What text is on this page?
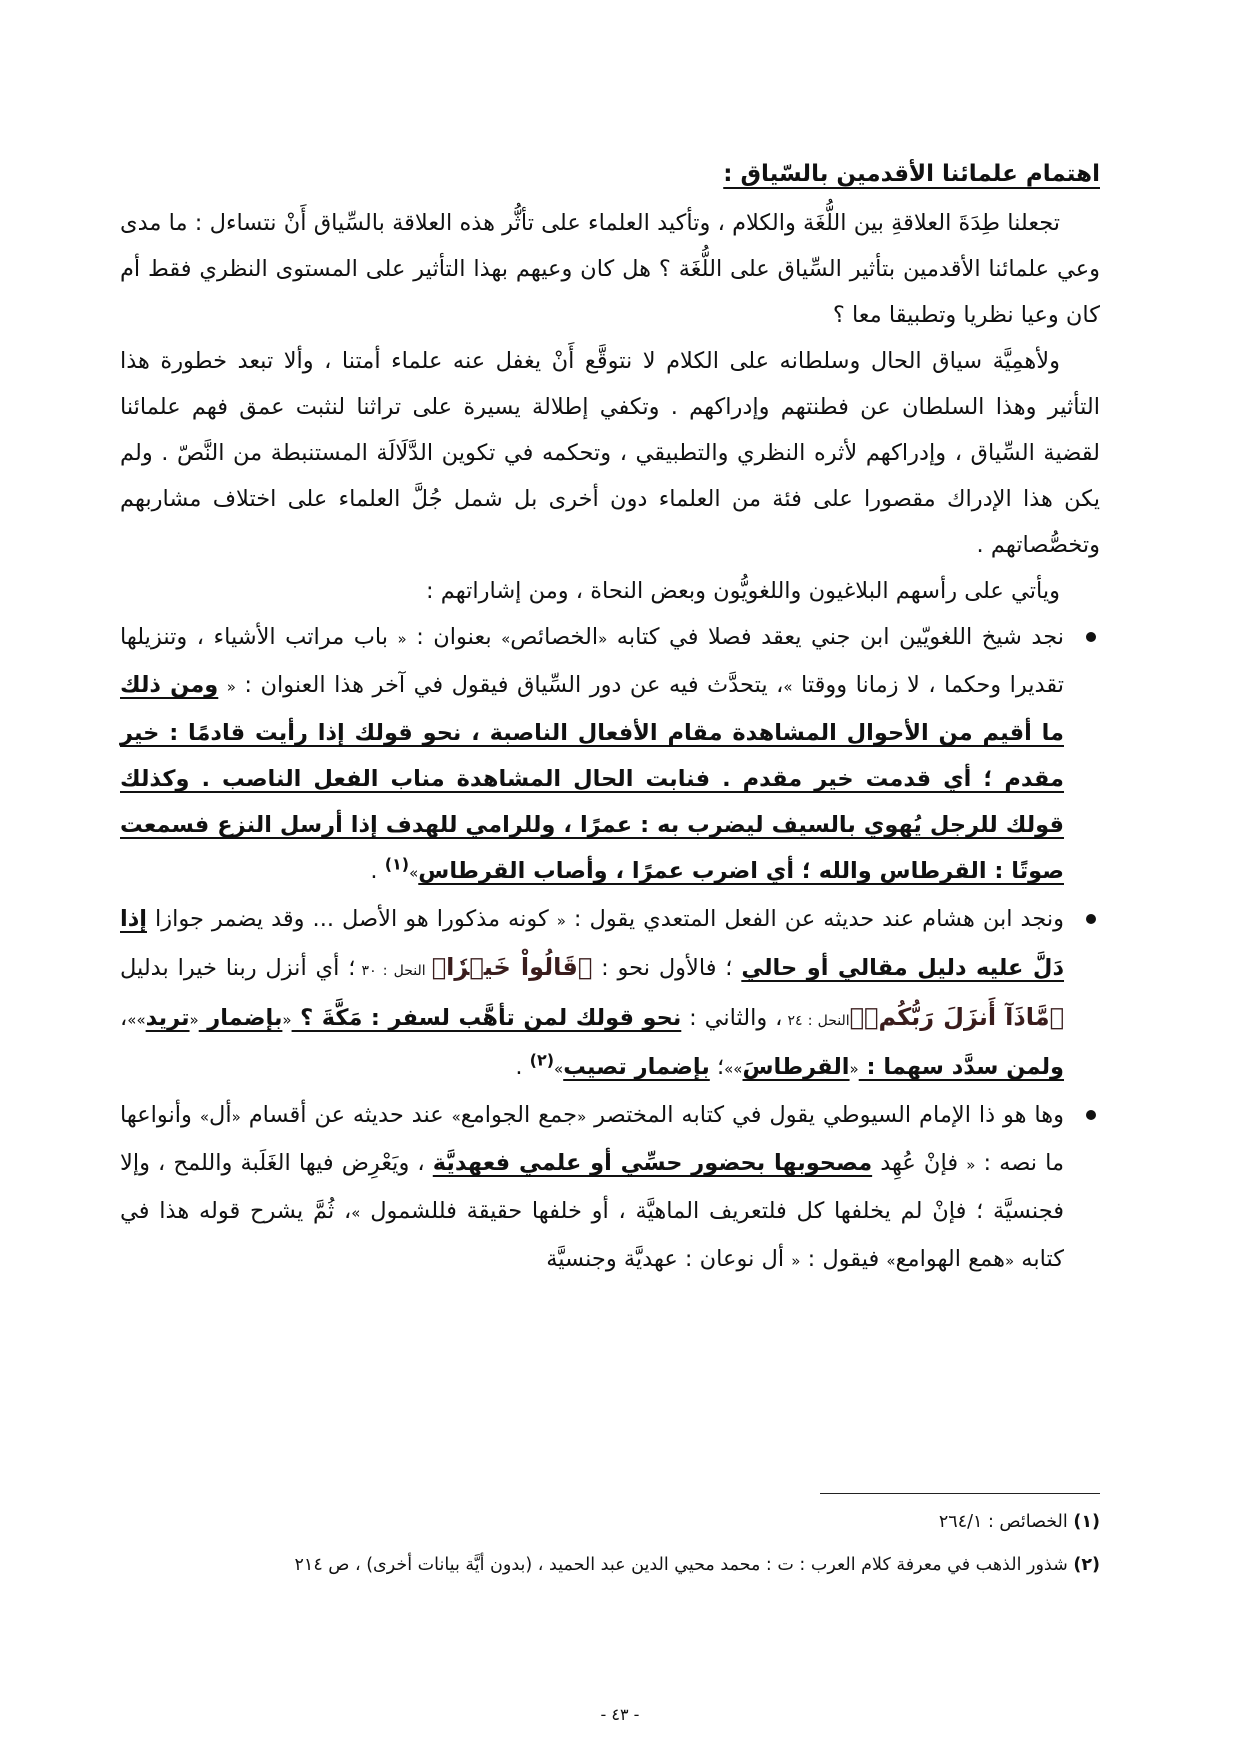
اهتمام علمائنا الأقدمين بالسّياق :

تجعلنا طِدَةَ العلاقةِ بين اللُّغَة والكلام ، وتأكيد العلماء على تأثُّر هذه العلاقة بالسِّياق أَنْ نتساءل : ما مدى وعي علمائنا الأقدمين بتأثير السِّياق على اللُّغَة ؟ هل كان وعيهم بهذا التأثير على المستوى النظري فقط أم كان وعيا نظريا وتطبيقا معا ؟

ولأهمِيَّة سياق الحال وسلطانه على الكلام لا نتوقَّع أَنْ يغفل عنه علماء أمتنا ، وألا تبعد خطورة هذا التأثير وهذا السلطان عن فطنتهم وإدراكهم . وتكفي إطلالة يسيرة على تراثنا لنثبت عمق فهم علمائنا لقضية السِّياق ، وإدراكهم لأثره النظري والتطبيقي ، وتحكمه في تكوين الدَّلَالَة المستنبطة من النَّصّ . ولم يكن هذا الإدراك مقصورا على فئة من العلماء دون أخرى بل شمل جُلَّ العلماء على اختلاف مشاربهم وتخصُّصاتهم .

ويأتي على رأسهم البلاغيون واللغويُّون وبعض النحاة ، ومن إشاراتهم :

نجد شيخ اللغويّين ابن جني يعقد فصلا في كتابه «الخصائص» بعنوان : « باب مراتب الأشياء ، وتنزيلها تقديرا وحكما ، لا زمانا ووقتا »، يتحدَّث فيه عن دور السِّياق فيقول في آخر هذا العنوان : « ومن ذلك ما أقيم من الأحوال المشاهدة مقام الأفعال الناصبة ، نحو قولك إذا رأيت قادمًا : خير مقدم ؛ أي قدمت خير مقدم . فنابت الحال المشاهدة مناب الفعل الناصب . وكذلك قولك للرجل يُهوي بالسيف ليضرب به : عمرًا ، وللرامي للهدف إذا أرسل النزع فسمعت صوتًا : القرطاس والله ؛ أي اضرب عمرًا ، وأصاب القرطاس»$^{(١)}$ .
ونجد ابن هشام عند حديثه عن الفعل المتعدي يقول : « كونه مذكورا هو الأصل ... وقد يضمر جوازا إذا دَلَّ عليه دليل مقالي أو حالي ؛ فالأول نحو : ﴿قَالُواْ خَيۡرٗا﴾ النحل : ٣٠ ؛ أي أنزل ربنا خيرا بدليل ﴿مَّاذَآ أَنزَلَ رَبُّكُمۡ﴾النحل : ٢٤ ، والثاني : نحو قولك لمن تأهَّب لسفر : مَكَّةَ ؟ «بإضمار «تريد»»، ولمن سدَّد سهما : «القرطاسَ»»؛ بإضمار تصيب»$^{(٢)}$ .
وها هو ذا الإمام السيوطي يقول في كتابه المختصر «جمع الجوامع» عند حديثه عن أقسام «أل» وأنواعها ما نصه : « فإنْ عُهِد مصحوبها بحضور حسِّي أو علمي فعهديَّة ، ويَعْرِض فيها الغَلَبة واللمح ، وإلا فجنسيَّة ؛ فإنْ لم يخلفها كل فلتعريف الماهيَّة ، أو خلفها حقيقة فللشمول »، ثُمَّ يشرح قوله هذا في كتابه «همع الهوامع» فيقول : « أل نوعان : عهديَّة وجنسيَّة

(١) الخصائص : ٢٦٤/١

(٢) شذور الذهب في معرفة كلام العرب : ت : محمد محيي الدين عبد الحميد ، (بدون أيَّة بيانات أخرى) ، ص ٢١٤

- ٤٣ -
